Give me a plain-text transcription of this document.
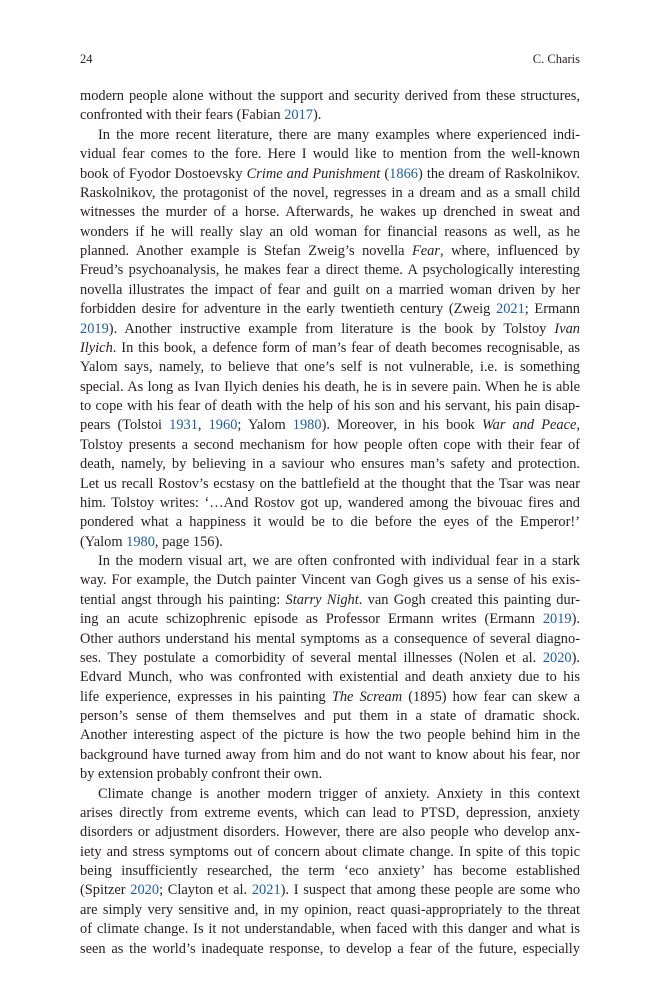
24	C. Charis
modern people alone without the support and security derived from these structures,
confronted with their fears (Fabian 2017).
In the more recent literature, there are many examples where experienced indi-
vidual fear comes to the fore. Here I would like to mention from the well-known
book of Fyodor Dostoevsky Crime and Punishment (1866) the dream of Raskolnikov.
Raskolnikov, the protagonist of the novel, regresses in a dream and as a small child
witnesses the murder of a horse. Afterwards, he wakes up drenched in sweat and
wonders if he will really slay an old woman for financial reasons as well, as he
planned. Another example is Stefan Zweig’s novella Fear, where, influenced by
Freud’s psychoanalysis, he makes fear a direct theme. A psychologically interesting
novella illustrates the impact of fear and guilt on a married woman driven by her
forbidden desire for adventure in the early twentieth century (Zweig 2021; Ermann
2019). Another instructive example from literature is the book by Tolstoy Ivan
Ilyich. In this book, a defence form of man’s fear of death becomes recognisable, as
Yalom says, namely, to believe that one’s self is not vulnerable, i.e. is something
special. As long as Ivan Ilyich denies his death, he is in severe pain. When he is able
to cope with his fear of death with the help of his son and his servant, his pain disap-
pears (Tolstoi 1931, 1960; Yalom 1980). Moreover, in his book War and Peace,
Tolstoy presents a second mechanism for how people often cope with their fear of
death, namely, by believing in a saviour who ensures man’s safety and protection.
Let us recall Rostov’s ecstasy on the battlefield at the thought that the Tsar was near
him. Tolstoy writes: ‘…And Rostov got up, wandered among the bivouac fires and
pondered what a happiness it would be to die before the eyes of the Emperor!’
(Yalom 1980, page 156).
In the modern visual art, we are often confronted with individual fear in a stark
way. For example, the Dutch painter Vincent van Gogh gives us a sense of his exis-
tential angst through his painting: Starry Night. van Gogh created this painting dur-
ing an acute schizophrenic episode as Professor Ermann writes (Ermann 2019).
Other authors understand his mental symptoms as a consequence of several diagno-
ses. They postulate a comorbidity of several mental illnesses (Nolen et al. 2020).
Edvard Munch, who was confronted with existential and death anxiety due to his
life experience, expresses in his painting The Scream (1895) how fear can skew a
person’s sense of them themselves and put them in a state of dramatic shock.
Another interesting aspect of the picture is how the two people behind him in the
background have turned away from him and do not want to know about his fear, nor
by extension probably confront their own.
Climate change is another modern trigger of anxiety. Anxiety in this context
arises directly from extreme events, which can lead to PTSD, depression, anxiety
disorders or adjustment disorders. However, there are also people who develop anx-
iety and stress symptoms out of concern about climate change. In spite of this topic
being insufficiently researched, the term ‘eco anxiety’ has become established
(Spitzer 2020; Clayton et al. 2021). I suspect that among these people are some who
are simply very sensitive and, in my opinion, react quasi-appropriately to the threat
of climate change. Is it not understandable, when faced with this danger and what is
seen as the world’s inadequate response, to develop a fear of the future, especially
